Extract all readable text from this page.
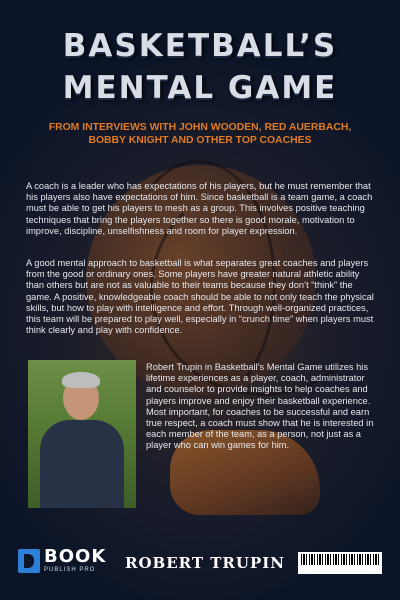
BASKETBALL’S
MENTAL GAME
FROM INTERVIEWS WITH JOHN WOODEN, RED AUERBACH,
BOBBY KNIGHT AND OTHER TOP COACHES
A coach is a leader who has expectations of his players, but he must remember that his players also have expectations of him. Since basketball is a team game, a coach must be able to get his players to mesh as a group. This involves positive teaching techniques that bring the players together so there is good morale, motivation to improve, discipline, unselfishness and room for player expression.
A good mental approach to basketball is what separates great coaches and players from the good or ordinary ones. Some players have greater natural athletic ability than others but are not as valuable to their teams because they don’t “think” the game. A positive, knowledgeable coach should be able to not only teach the physical skills, but how to play with intelligence and effort. Through well-organized practices, this team will be prepared to play well, especially in “crunch time” when players must think clearly and play with confidence.
Robert Trupin in Basketball’s Mental Game utilizes his lifetime experiences as a player, coach, administrator and counselor to provide insights to help coaches and players improve and enjoy their basketball experience. Most important, for coaches to be successful and earn true respect, a coach must show that he is interested in each member of the team, as a person, not just as a player who can win games for him.
BOOK
PUBLISH PRO	ROBERT TRUPIN
